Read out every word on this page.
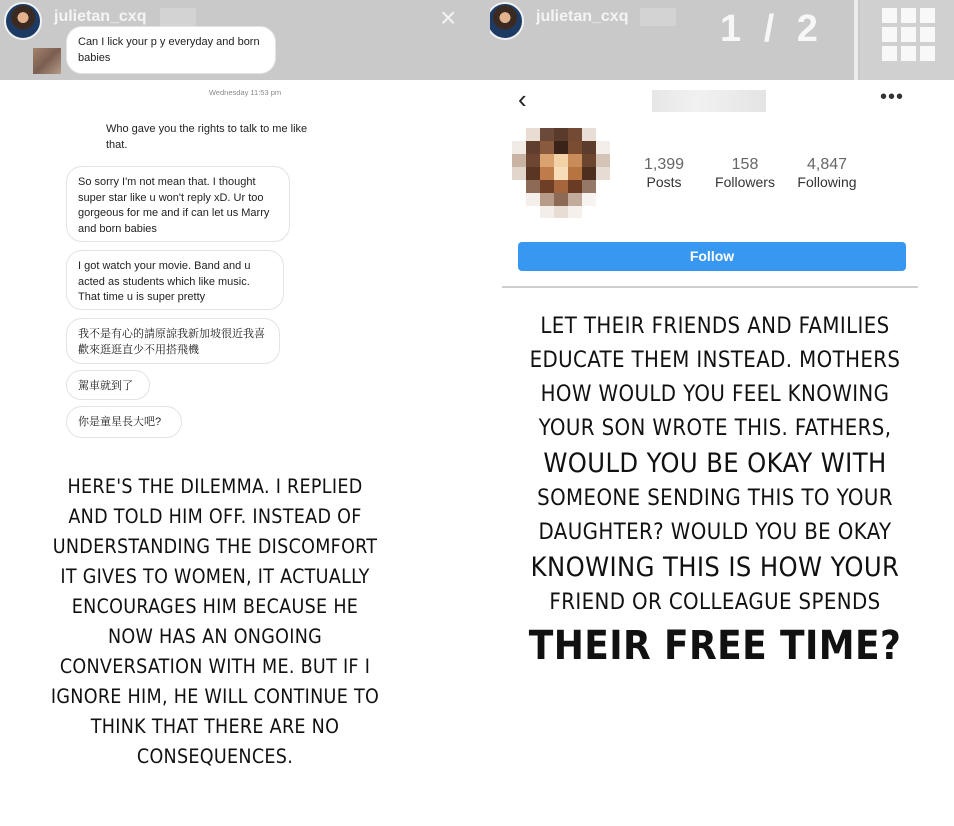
julietan_cxq	×
Can I lick your p y everyday and born babies
Wednesday 11:53 pm
Who gave you the rights to talk to me like that.
So sorry I'm not mean that. I thought super star like u won't reply xD. Ur too gorgeous for me and if can let us Marry and born babies
I got watch your movie. Band and u acted as students which like music. That time u is super pretty
我不是有心的請原諒我新加坡很近我喜歡來逛逛直少不用搭飛機
駕車就到了
你是童星長大吧?
HERE'S THE DILEMMA. I REPLIED AND TOLD HIM OFF. INSTEAD OF UNDERSTANDING THE DISCOMFORT IT GIVES TO WOMEN, IT ACTUALLY ENCOURAGES HIM BECAUSE HE NOW HAS AN ONGOING CONVERSATION WITH ME. BUT IF I IGNORE HIM, HE WILL CONTINUE TO THINK THAT THERE ARE NO CONSEQUENCES.
julietan_cxq 1 / 2
‹	•••
1,399
Posts
158
Followers
4,847
Following
Follow
LET THEIR FRIENDS AND FAMILIES
EDUCATE THEM INSTEAD. MOTHERS
HOW WOULD YOU FEEL KNOWING
YOUR SON WROTE THIS. FATHERS,
WOULD YOU BE OKAY WITH
SOMEONE SENDING THIS TO YOUR
DAUGHTER? WOULD YOU BE OKAY
KNOWING THIS IS HOW YOUR
FRIEND OR COLLEAGUE SPENDS
THEIR FREE TIME?
